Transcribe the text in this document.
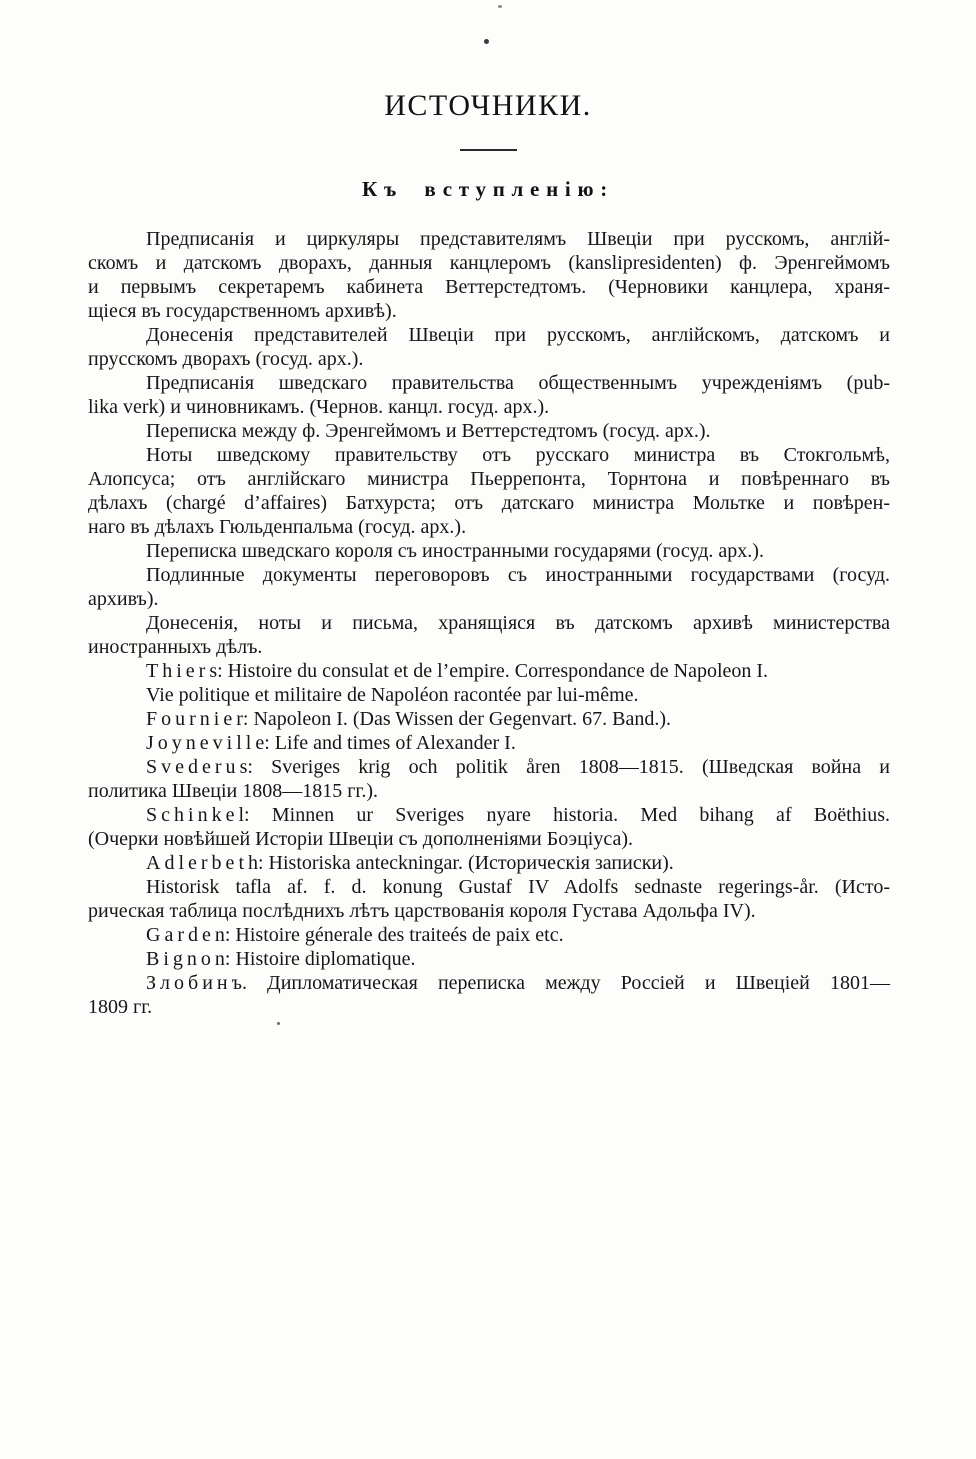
ИСТОЧНИКИ.
Къ вступленію:
Предписанія и циркуляры представителямъ Швеціи при русскомъ, англій-
скомъ и датскомъ дворахъ, данныя канцлеромъ (kanslipresidenten) ф. Эренгеймомъ
и первымъ секретаремъ кабинета Веттерстедтомъ. (Черновики канцлера, храня-
щіеся въ государственномъ архивѣ).
Донесенія представителей Швеціи при русскомъ, англійскомъ, датскомъ и
прусскомъ дворахъ (госуд. арх.).
Предписанія шведскаго правительства общественнымъ учрежденіямъ (pub-
lika verk) и чиновникамъ. (Чернов. канцл. госуд. арх.).
Переписка между ф. Эренгеймомъ и Веттерстедтомъ (госуд. арх.).
Ноты шведскому правительству отъ русскаго министра въ Стокгольмѣ,
Алопсуса; отъ англійскаго министра Пьеррепонта, Торнтона и повѣреннаго въ
дѣлахъ (chargé d’affaires) Батхурста; отъ датскаго министра Мольтке и повѣрен-
наго въ дѣлахъ Гюльденпальма (госуд. арх.).
Переписка шведскаго короля съ иностранными государями (госуд. арх.).
Подлинные документы переговоровъ съ иностранными государствами (госуд.
архивъ).
Донесенія, ноты и письма, хранящіяся въ датскомъ архивѣ министерства
иностранныхъ дѣлъ.
T h i e r s: Histoire du consulat et de l’empire. Correspondance de Napoleon I.
Vie politique et militaire de Napoléon racontée par lui-même.
F o u r n i e r: Napoleon I. (Das Wissen der Gegenvart. 67. Band.).
J o y n e v i l l e: Life and times of Alexander I.
S v e d e r u s: Sveriges krig och politik åren 1808—1815. (Шведская война и
политика Швеціи 1808—1815 гг.).
S c h i n k e l: Minnen ur Sveriges nyare historia. Med bihang af Boëthius.
(Очерки новѣйшей Исторіи Швеціи съ дополненіями Боэціуса).
A d l e r b e t h: Historiska anteckningar. (Историческія записки).
Historisk tafla af. f. d. konung Gustaf IV Adolfs sednaste regerings-år. (Исто-
рическая таблица послѣднихъ лѣтъ царствованія короля Густава Адольфа IV).
G a r d e n: Histoire génerale des traiteés de paix etc.
B i g n o n: Histoire diplomatique.
З л о б и н ъ. Дипломатическая переписка между Россіей и Швеціей 1801—
1809 гг.
